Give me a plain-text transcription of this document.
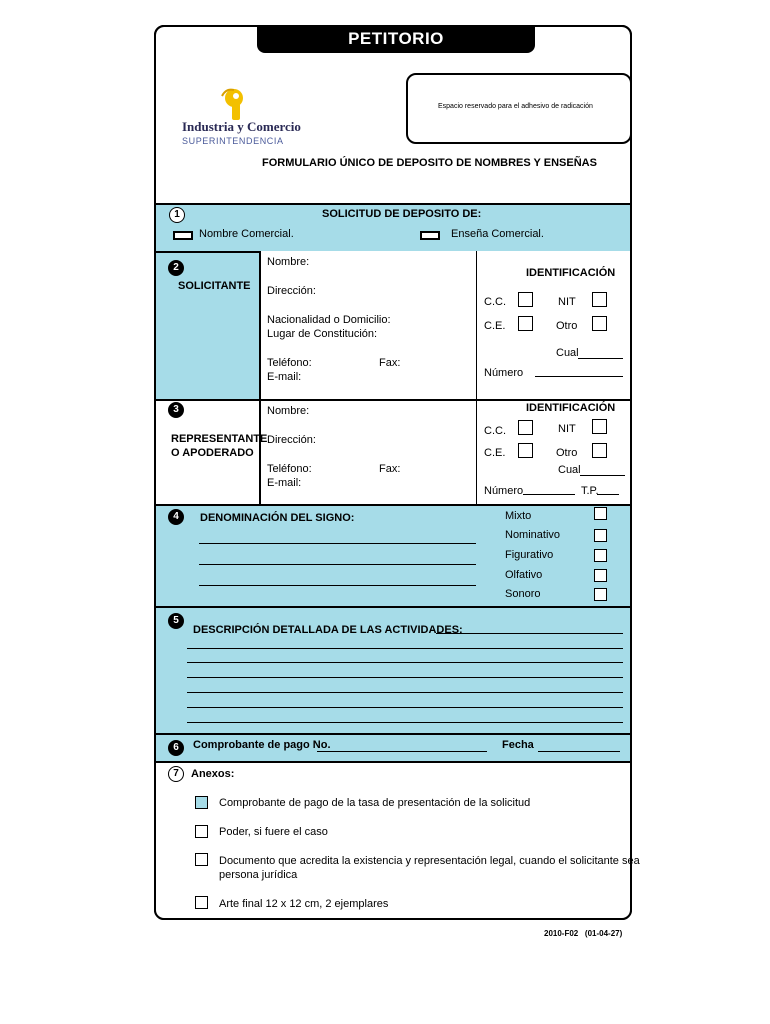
PETITORIO
Espacio reservado para el adhesivo de radicación
Industria y Comercio
SUPERINTENDENCIA
FORMULARIO ÚNICO DE DEPOSITO DE NOMBRES Y ENSEÑAS
1	SOLICITUD DE DEPOSITO DE:
Nombre Comercial.	Enseña Comercial.
2
SOLICITANTE
Nombre:
Dirección:
Nacionalidad o Domicilio:
Lugar de Constitución:
Teléfono:	Fax:
E-mail:
IDENTIFICACIÓN
C.C.	NIT
C.E.	Otro
Cual
Número
3
REPRESENTANTE
O APODERADO
Nombre:
Dirección:
Teléfono:	Fax:
E-mail:
IDENTIFICACIÓN
C.C.	NIT
C.E.	Otro
Cual
Número	T.P.
4	DENOMINACIÓN DEL SIGNO:	Mixto
Nominativo
Figurativo
Olfativo
Sonoro
5
DESCRIPCIÓN DETALLADA DE LAS ACTIVIDADES:
6	Comprobante de pago No.	Fecha
7	Anexos:
Comprobante de pago de la tasa de presentación de la solicitud
Poder, si fuere el caso
Documento que acredita la existencia y representación legal, cuando el solicitante sea
persona jurídica
Arte final 12 x 12 cm, 2 ejemplares
2010-F02   (01-04-27)
